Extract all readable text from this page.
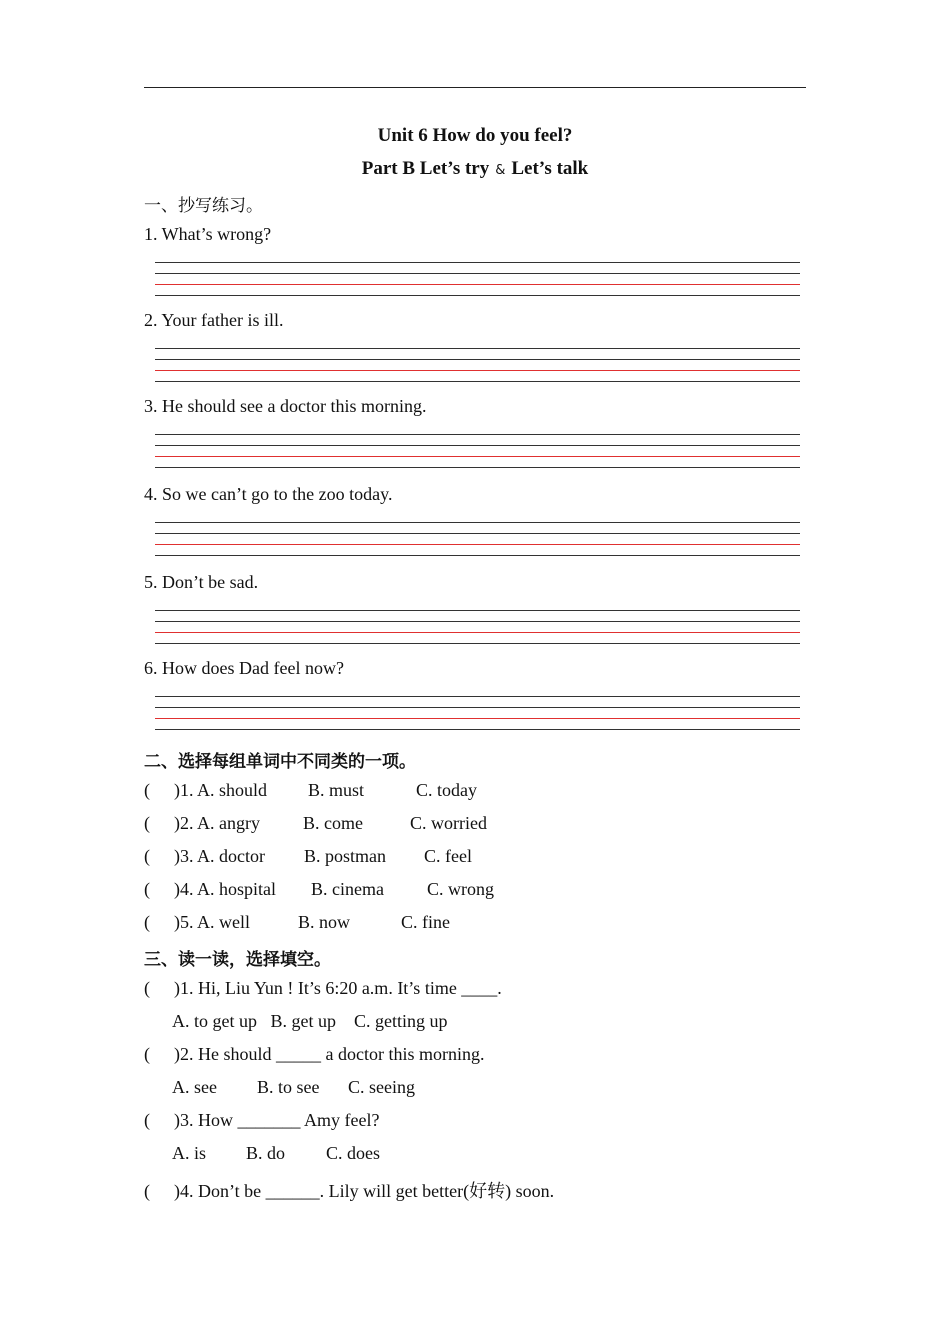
Unit 6 How do you feel?
Part B Let’s try & Let’s talk
一、抄写练习。
1. What’s wrong?
2. Your father is ill.
3. He should see a doctor this morning.
4. So we can’t go to the zoo today.
5. Don’t be sad.
6. How does Dad feel now?
二、选择每组单词中不同类的一项。
( )1. A. should B. must	C. today
( )2. A. angry B. come	C. worried
( )3. A. doctor B. postman C. feel
( )4. A. hospital B. cinema C. wrong
( )5. A. well	B. now	C. fine
三、读一读，选择填空。
( )1. Hi, Liu Yun ! It’s 6:20 a.m. It’s time ____.
A. to get up   B. get up    C. getting up
( )2. He should _____ a doctor this morning.
A. see B. to see C. seeing
( )3. How _______ Amy feel?
A. is B. do C. does
( )4. Don’t be ______. Lily will get better(好转) soon.
